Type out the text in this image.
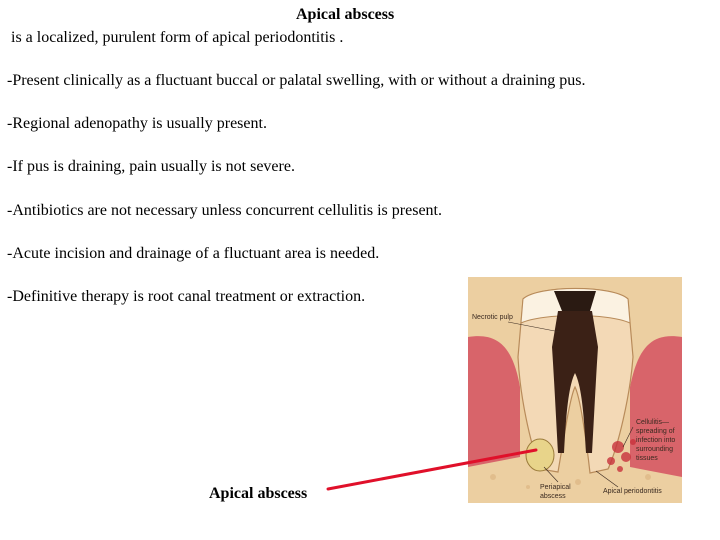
Apical abscess

is a localized, purulent form of apical periodontitis .

-Present clinically as a fluctuant buccal or palatal swelling, with or without a draining pus.
-Regional adenopathy is usually present.
-If pus is draining, pain usually is not severe.
-Antibiotics are not necessary unless concurrent cellulitis is present.
-Acute incision and drainage of a fluctuant area is needed.
-Definitive therapy is root canal treatment or extraction.
Necrotic pulp
Cellulitis—
spreading of
infection into
surrounding
tissues
Periapical
abscess
Apical periodontitis

Apical abscess
